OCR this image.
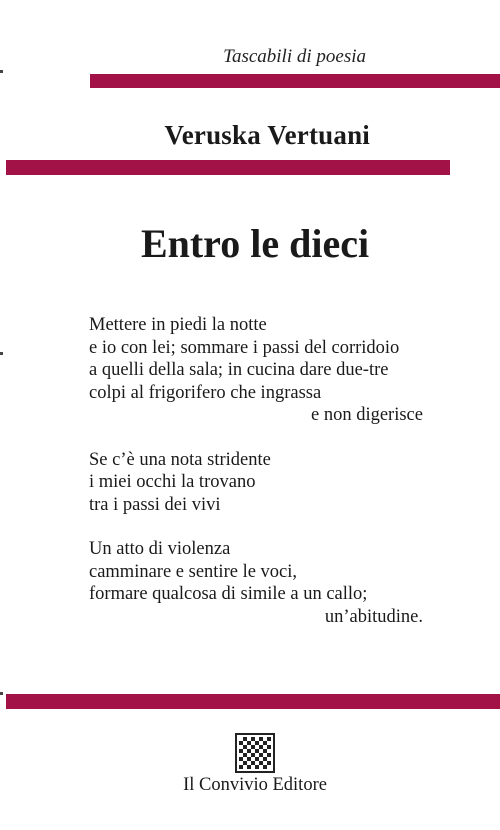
Tascabili di poesia
Veruska Vertuani
Entro le dieci
Mettere in piedi la notte
e io con lei; sommare i passi del corridoio
a quelli della sala; in cucina dare due-tre
colpi al frigorifero che ingrassa
e non digerisce
Se c’è una nota stridente
i miei occhi la trovano
tra i passi dei vivi
Un atto di violenza
camminare e sentire le voci,
formare qualcosa di simile a un callo;
un’abitudine.
Il Convivio Editore
